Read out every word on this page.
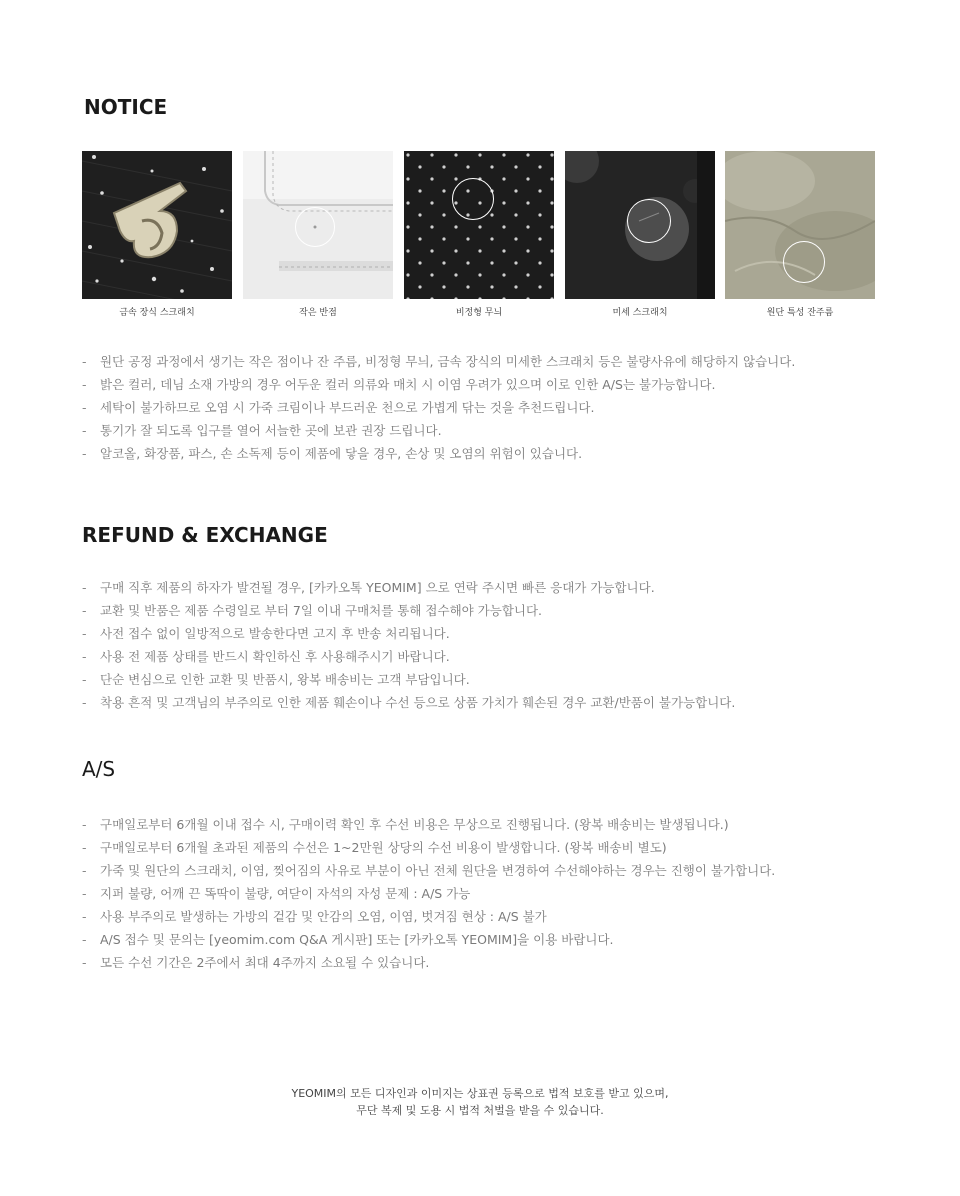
NOTICE
금속 장식 스크래치	작은 반점	비정형 무늬	미세 스크래치	원단 특성 잔주름
- 원단 공정 과정에서 생기는 작은 점이나 잔 주름, 비정형 무늬, 금속 장식의 미세한 스크래치 등은 불량사유에 해당하지 않습니다.
- 밝은 컬러, 데님 소재 가방의 경우 어두운 컬러 의류와 매치 시 이염 우려가 있으며 이로 인한 A/S는 불가능합니다.
- 세탁이 불가하므로 오염 시 가죽 크림이나 부드러운 천으로 가볍게 닦는 것을 추천드립니다.
- 통기가 잘 되도록 입구를 열어 서늘한 곳에 보관 권장 드립니다.
- 알코올, 화장품, 파스, 손 소독제 등이 제품에 닿을 경우, 손상 및 오염의 위험이 있습니다.
REFUND & EXCHANGE
- 구매 직후 제품의 하자가 발견될 경우, [카카오톡 YEOMIM] 으로 연락 주시면 빠른 응대가 가능합니다.
- 교환 및 반품은 제품 수령일로 부터 7일 이내 구매처를 통해 접수해야 가능합니다.
- 사전 접수 없이 일방적으로 발송한다면 고지 후 반송 처리됩니다.
- 사용 전 제품 상태를 반드시 확인하신 후 사용해주시기 바랍니다.
- 단순 변심으로 인한 교환 및 반품시, 왕복 배송비는 고객 부담입니다.
- 착용 흔적 및 고객님의 부주의로 인한 제품 훼손이나 수선 등으로 상품 가치가 훼손된 경우 교환/반품이 불가능합니다.
A/S
- 구매일로부터 6개월 이내 접수 시, 구매이력 확인 후 수선 비용은 무상으로 진행됩니다. (왕복 배송비는 발생됩니다.)
- 구매일로부터 6개월 초과된 제품의 수선은 1~2만원 상당의 수선 비용이 발생합니다. (왕복 배송비 별도)
- 가죽 및 원단의 스크래치, 이염, 찢어짐의 사유로 부분이 아닌 전체 원단을 변경하여 수선해야하는 경우는 진행이 불가합니다.
- 지퍼 불량, 어깨 끈 똑딱이 불량, 여닫이 자석의 자성 문제 : A/S 가능
- 사용 부주의로 발생하는 가방의 겉감 및 안감의 오염, 이염, 벗겨짐 현상 : A/S 불가
- A/S 접수 및 문의는 [yeomim.com Q&A 게시판] 또는 [카카오톡 YEOMIM]을 이용 바랍니다.
- 모든 수선 기간은 2주에서 최대 4주까지 소요될 수 있습니다.
YEOMIM의 모든 디자인과 이미지는 상표권 등록으로 법적 보호를 받고 있으며,
무단 복제 및 도용 시 법적 처벌을 받을 수 있습니다.
